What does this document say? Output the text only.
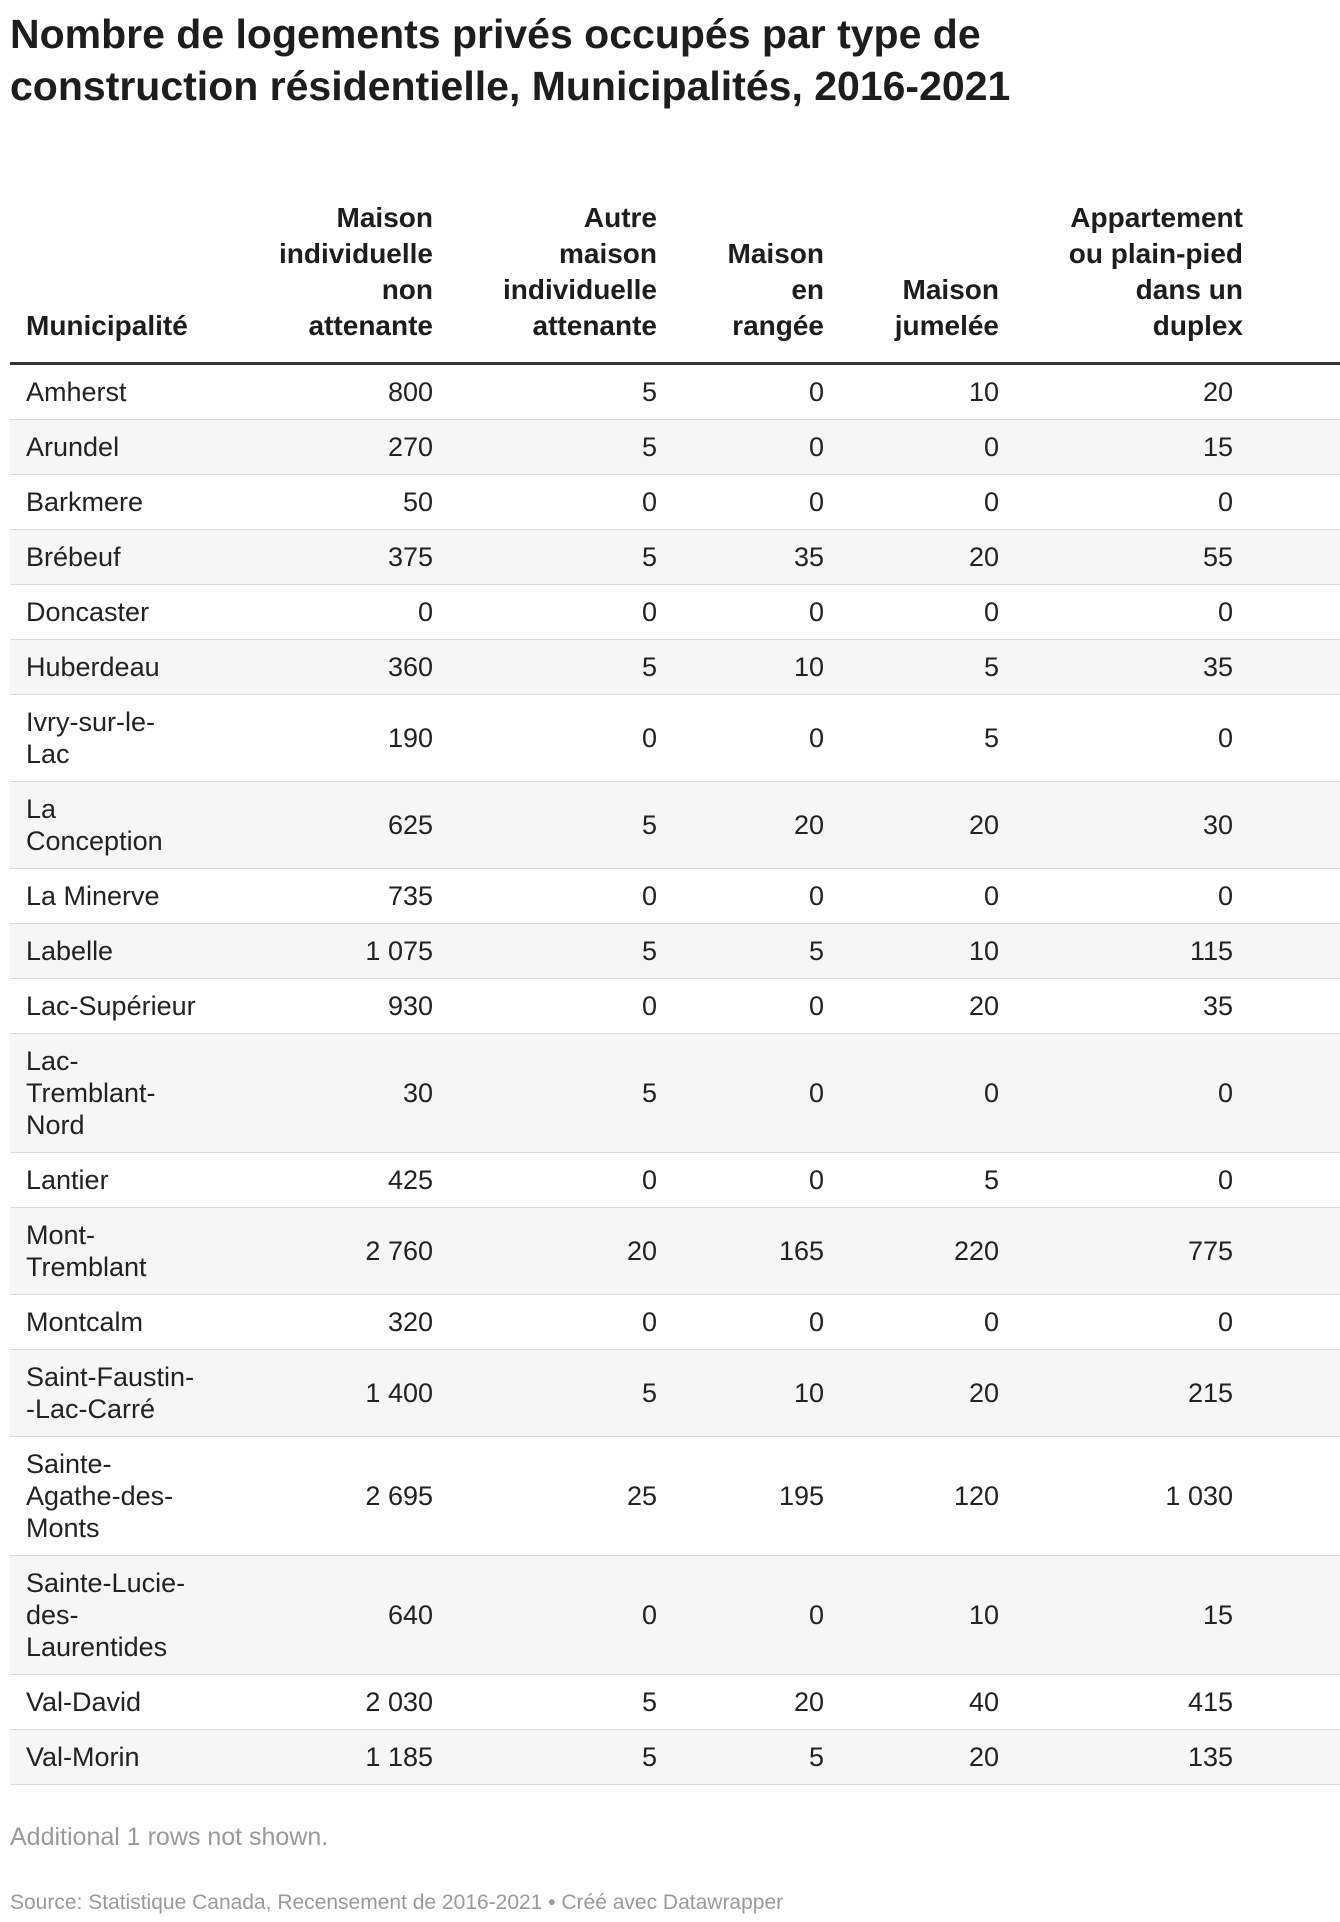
Nombre de logements privés occupés par type de construction résidentielle, Municipalités, 2016-2021
Municipalité	Maison
individuelle
non
attenante	Autre
maison
individuelle
attenante	Maison
en
rangée	Maison
jumelée	Appartement
ou plain-pied
dans un
duplex
Amherst	800	5	0	10	20
Arundel	270	5	0	0	15
Barkmere	50	0	0	0	0
Brébeuf	375	5	35	20	55
Doncaster	0	0	0	0	0
Huberdeau	360	5	10	5	35
Ivry-sur-le-Lac	190	0	0	5	0
La Conception	625	5	20	20	30
La Minerve	735	0	0	0	0
Labelle	1 075	5	5	10	115
Lac-Supérieur	930	0	0	20	35
Lac-Tremblant-Nord	30	5	0	0	0
Lantier	425	0	0	5	0
Mont-Tremblant	2 760	20	165	220	775
Montcalm	320	0	0	0	0
Saint-Faustin--Lac-Carré	1 400	5	10	20	215
Sainte-Agathe-des-Monts	2 695	25	195	120	1 030
Sainte-Lucie-des-Laurentides	640	0	0	10	15
Val-David	2 030	5	20	40	415
Val-Morin	1 185	5	5	20	135

Additional 1 rows not shown.

Source: Statistique Canada, Recensement de 2016-2021 • Créé avec Datawrapper
